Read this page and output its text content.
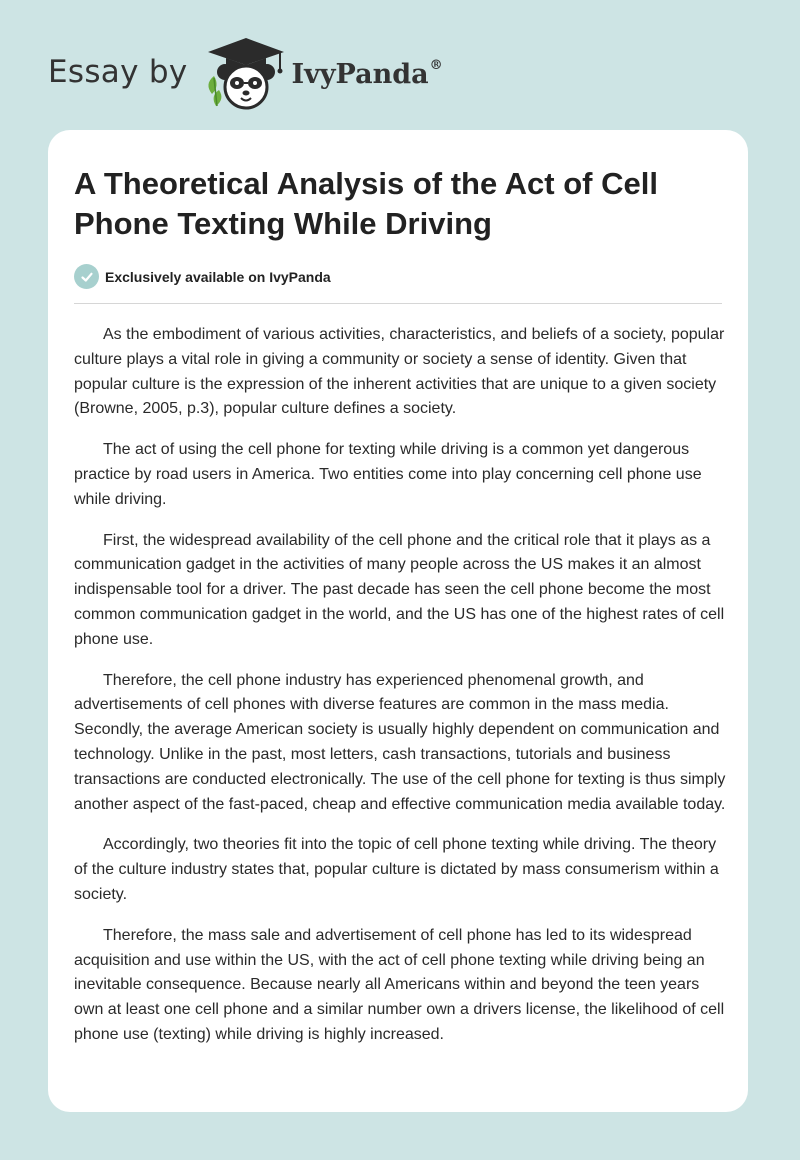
Essay by	IvyPanda®
A Theoretical Analysis of the Act of Cell Phone Texting While Driving
Exclusively available on IvyPanda

As the embodiment of various activities, characteristics, and beliefs of a society, popular culture plays a vital role in giving a community or society a sense of identity. Given that popular culture is the expression of the inherent activities that are unique to a given society (Browne, 2005, p.3), popular culture defines a society.

The act of using the cell phone for texting while driving is a common yet dangerous practice by road users in America. Two entities come into play concerning cell phone use while driving.

First, the widespread availability of the cell phone and the critical role that it plays as a communication gadget in the activities of many people across the US makes it an almost indispensable tool for a driver. The past decade has seen the cell phone become the most common communication gadget in the world, and the US has one of the highest rates of cell phone use.

Therefore, the cell phone industry has experienced phenomenal growth, and advertisements of cell phones with diverse features are common in the mass media. Secondly, the average American society is usually highly dependent on communication and technology. Unlike in the past, most letters, cash transactions, tutorials and business transactions are conducted electronically. The use of the cell phone for texting is thus simply another aspect of the fast-paced, cheap and effective communication media available today.

Accordingly, two theories fit into the topic of cell phone texting while driving. The theory of the culture industry states that, popular culture is dictated by mass consumerism within a society.

Therefore, the mass sale and advertisement of cell phone has led to its widespread acquisition and use within the US, with the act of cell phone texting while driving being an inevitable consequence. Because nearly all Americans within and beyond the teen years own at least one cell phone and a similar number own a drivers license, the likelihood of cell phone use (texting) while driving is highly increased.
